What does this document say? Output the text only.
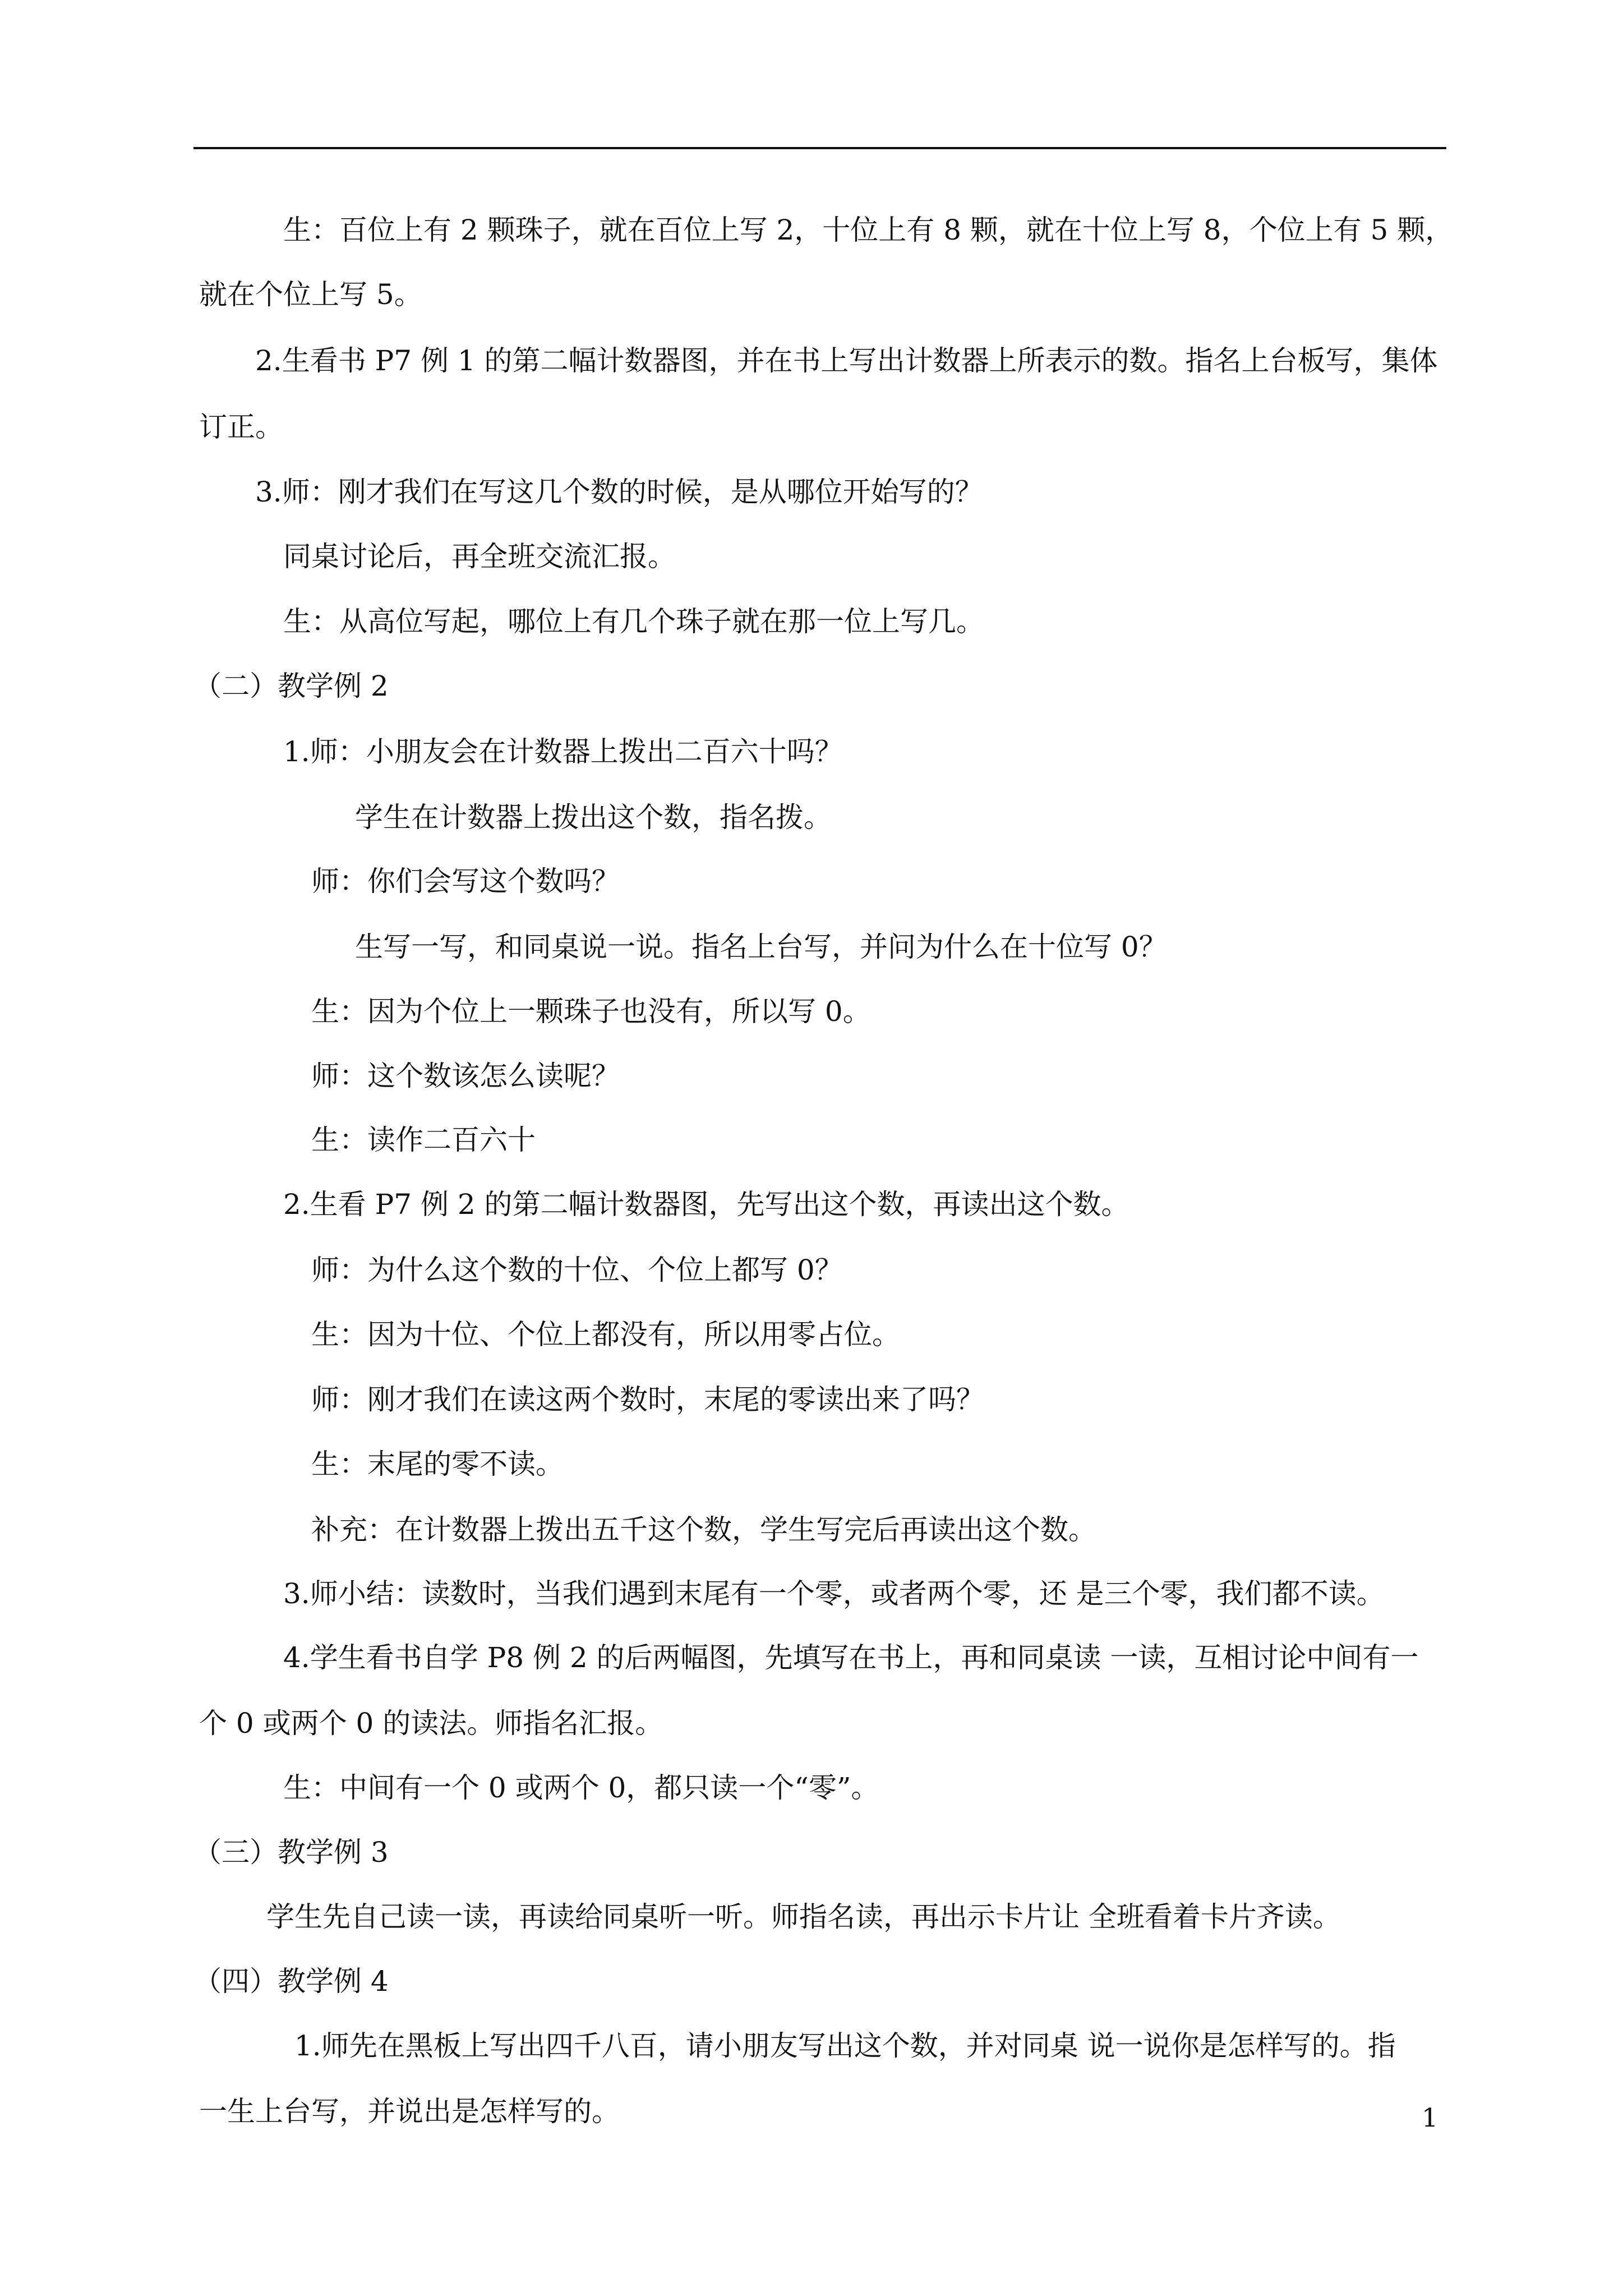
生：百位上有 2 颗珠子，就在百位上写 2，十位上有 8 颗，就在十位上写 8，个位上有 5 颗，
就在个位上写 5。
2.生看书 P7 例 1 的第二幅计数器图，并在书上写出计数器上所表示的数。指名上台板写，集体
订正。
3.师：刚才我们在写这几个数的时候，是从哪位开始写的？
同桌讨论后，再全班交流汇报。
生：从高位写起，哪位上有几个珠子就在那一位上写几。
（二）教学例 2
1.师：小朋友会在计数器上拨出二百六十吗？
学生在计数器上拨出这个数，指名拨。
师：你们会写这个数吗？
生写一写，和同桌说一说。指名上台写，并问为什么在十位写 0？
生：因为个位上一颗珠子也没有，所以写 0。
师：这个数该怎么读呢？
生：读作二百六十
2.生看 P7 例 2 的第二幅计数器图，先写出这个数，再读出这个数。
师：为什么这个数的十位、个位上都写 0？
生：因为十位、个位上都没有，所以用零占位。
师：刚才我们在读这两个数时，末尾的零读出来了吗？
生：末尾的零不读。
补充：在计数器上拨出五千这个数，学生写完后再读出这个数。
3.师小结：读数时，当我们遇到末尾有一个零，或者两个零，还 是三个零，我们都不读。
4.学生看书自学 P8 例 2 的后两幅图，先填写在书上，再和同桌读 一读，互相讨论中间有一
个 0 或两个 0 的读法。师指名汇报。
生：中间有一个 0 或两个 0，都只读一个“零”。
（三）教学例 3
学生先自己读一读，再读给同桌听一听。师指名读，再出示卡片让 全班看着卡片齐读。
（四）教学例 4
1.师先在黑板上写出四千八百，请小朋友写出这个数，并对同桌 说一说你是怎样写的。指
一生上台写，并说出是怎样写的。	1
